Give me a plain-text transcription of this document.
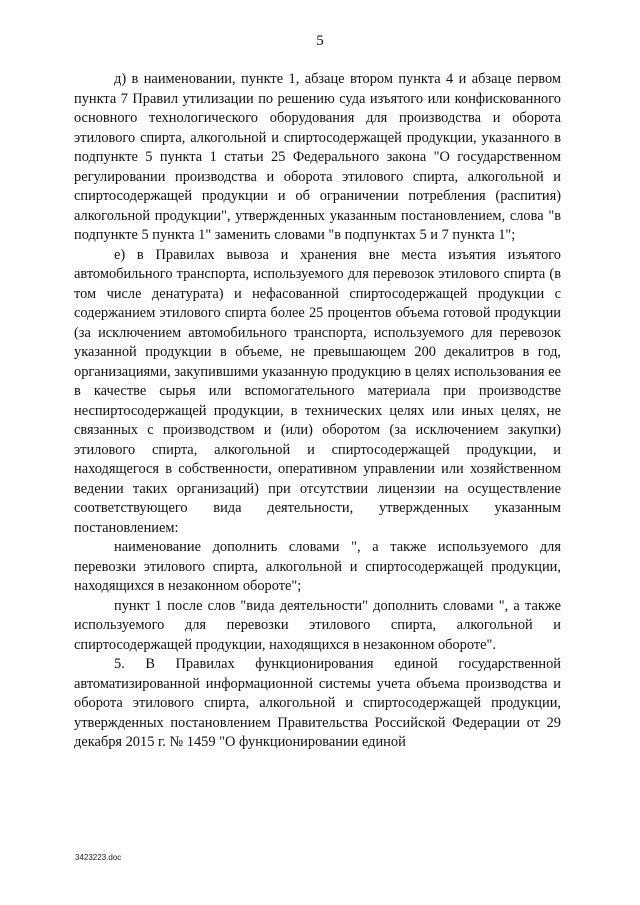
5

д) в наименовании, пункте 1, абзаце втором пункта 4 и абзаце первом пункта 7 Правил утилизации по решению суда изъятого или конфискованного основного технологического оборудования для производства и оборота этилового спирта, алкогольной и спиртосодержащей продукции, указанного в подпункте 5 пункта 1 статьи 25 Федерального закона "О государственном регулировании производства и оборота этилового спирта, алкогольной и спиртосодержащей продукции и об ограничении потребления (распития) алкогольной продукции", утвержденных указанным постановлением, слова "в подпункте 5 пункта 1" заменить словами "в подпунктах 5 и 7 пункта 1";

е) в Правилах вывоза и хранения вне места изъятия изъятого автомобильного транспорта, используемого для перевозок этилового спирта (в том числе денатурата) и нефасованной спиртосодержащей продукции с содержанием этилового спирта более 25 процентов объема готовой продукции (за исключением автомобильного транспорта, используемого для перевозок указанной продукции в объеме, не превышающем 200 декалитров в год, организациями, закупившими указанную продукцию в целях использования ее в качестве сырья или вспомогательного материала при производстве неспиртосодержащей продукции, в технических целях или иных целях, не связанных с производством и (или) оборотом (за исключением закупки) этилового спирта, алкогольной и спиртосодержащей продукции, и находящегося в собственности, оперативном управлении или хозяйственном ведении таких организаций) при отсутствии лицензии на осуществление соответствующего вида деятельности, утвержденных указанным постановлением:

наименование дополнить словами ", а также используемого для перевозки этилового спирта, алкогольной и спиртосодержащей продукции, находящихся в незаконном обороте";

пункт 1 после слов "вида деятельности" дополнить словами ", а также используемого для перевозки этилового спирта, алкогольной и спиртосодержащей продукции, находящихся в незаконном обороте".

5. В Правилах функционирования единой государственной автоматизированной информационной системы учета объема производства и оборота этилового спирта, алкогольной и спиртосодержащей продукции, утвержденных постановлением Правительства Российской Федерации от 29 декабря 2015 г. № 1459 "О функционировании единой

3423223.doc
